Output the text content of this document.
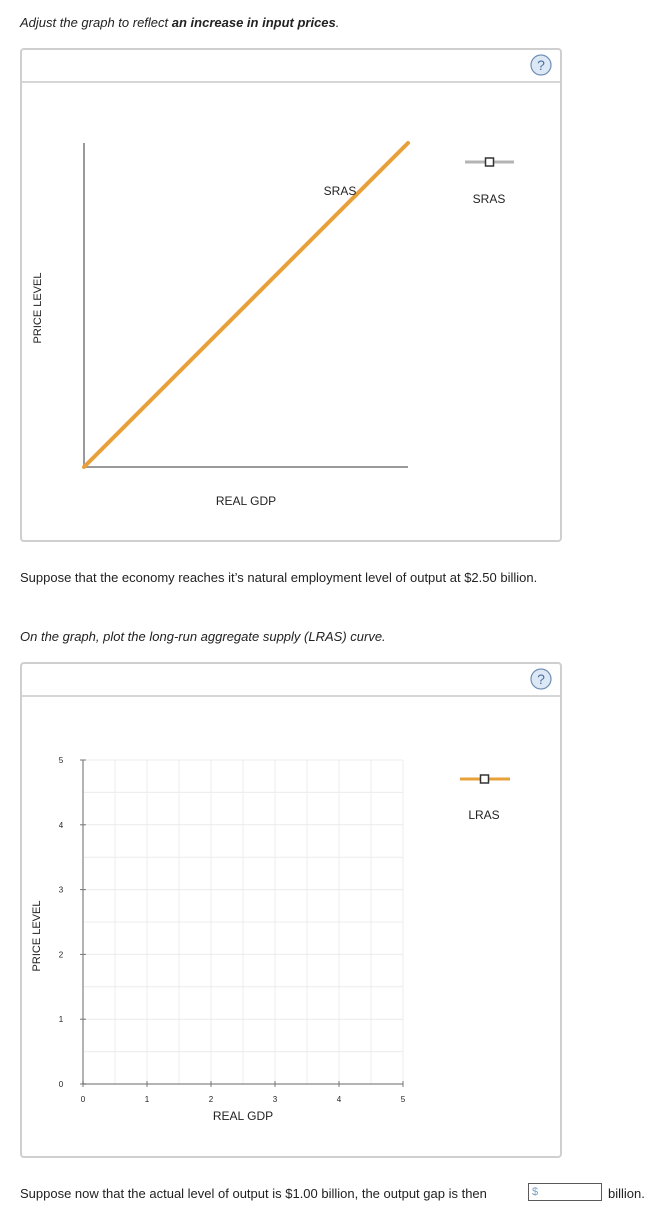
Adjust the graph to reflect an increase in input prices.
?
SRAS
PRICE LEVEL
REAL GDP
SRAS
Suppose that the economy reaches it’s natural employment level of output at $2.50 billion.
On the graph, plot the long-run aggregate supply (LRAS) curve.
?
0	1	2	3	4	5
0
1
2
3
4
5
PRICE LEVEL
REAL GDP
LRAS
Suppose now that the actual level of output is $1.00 billion, the output gap is then	$	billion.
